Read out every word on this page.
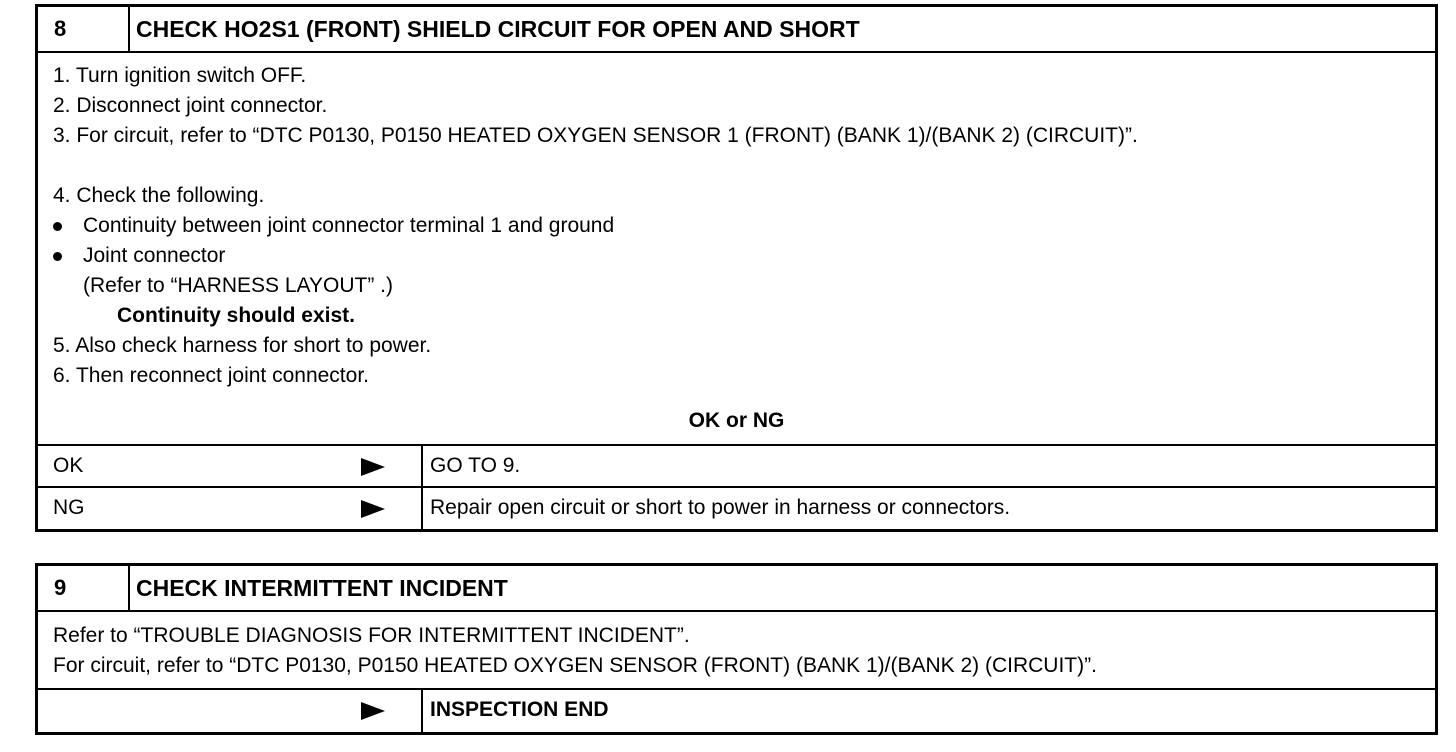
8	CHECK HO2S1 (FRONT) SHIELD CIRCUIT FOR OPEN AND SHORT
1. Turn ignition switch OFF.
2. Disconnect joint connector.
3. For circuit, refer to “DTC P0130, P0150 HEATED OXYGEN SENSOR 1 (FRONT) (BANK 1)/(BANK 2) (CIRCUIT)”.
4. Check the following.
Continuity between joint connector terminal 1 and ground
Joint connector
(Refer to “HARNESS LAYOUT” .)
Continuity should exist.
5. Also check harness for short to power.
6. Then reconnect joint connector.
OK or NG
OK	GO TO 9.
NG	Repair open circuit or short to power in harness or connectors.
9	CHECK INTERMITTENT INCIDENT
Refer to “TROUBLE DIAGNOSIS FOR INTERMITTENT INCIDENT”.
For circuit, refer to “DTC P0130, P0150 HEATED OXYGEN SENSOR (FRONT) (BANK 1)/(BANK 2) (CIRCUIT)”.
INSPECTION END
